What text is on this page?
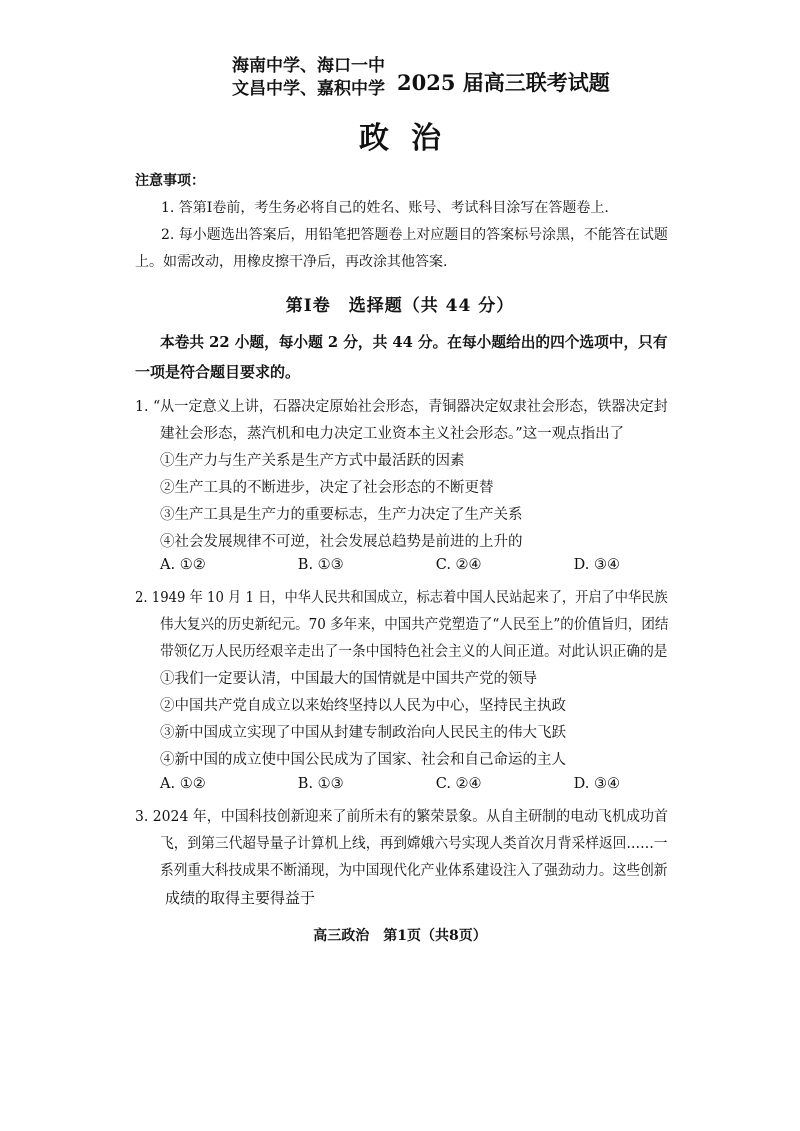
海南中学、海口一中
文昌中学、嘉积中学 2025 届高三联考试题
政治
注意事项：
1. 答第Ⅰ卷前，考生务必将自己的姓名、账号、考试科目涂写在答题卷上.
2. 每小题选出答案后，用铅笔把答题卷上对应题目的答案标号涂黑，不能答在试题
上。如需改动，用橡皮擦干净后，再改涂其他答案.
第Ⅰ卷　选择题（共 44 分）
本卷共 22 小题，每小题 2 分，共 44 分。在每小题给出的四个选项中，只有
一项是符合题目要求的。
1. “从一定意义上讲，石器决定原始社会形态，青铜器决定奴隶社会形态，铁器决定封
建社会形态，蒸汽机和电力决定工业资本主义社会形态。”这一观点指出了
①生产力与生产关系是生产方式中最活跃的因素
②生产工具的不断进步，决定了社会形态的不断更替
③生产工具是生产力的重要标志，生产力决定了生产关系
④社会发展规律不可逆，社会发展总趋势是前进的上升的
A. ①②	B. ①③	C. ②④	D. ③④
2. 1949 年 10 月 1 日，中华人民共和国成立，标志着中国人民站起来了，开启了中华民族
伟大复兴的历史新纪元。70 多年来，中国共产党塑造了“人民至上”的价值旨归，团结
带领亿万人民历经艰辛走出了一条中国特色社会主义的人间正道。对此认识正确的是
①我们一定要认清，中国最大的国情就是中国共产党的领导
②中国共产党自成立以来始终坚持以人民为中心，坚持民主执政
③新中国成立实现了中国从封建专制政治向人民民主的伟大飞跃
④新中国的成立使中国公民成为了国家、社会和自己命运的主人
A. ①②	B. ①③	C. ②④	D. ③④
3. 2024 年，中国科技创新迎来了前所未有的繁荣景象。从自主研制的电动飞机成功首
飞，到第三代超导量子计算机上线，再到嫦娥六号实现人类首次月背采样返回……一
系列重大科技成果不断涌现，为中国现代化产业体系建设注入了强劲动力。这些创新
成绩的取得主要得益于
高三政治　第1页（共8页）
